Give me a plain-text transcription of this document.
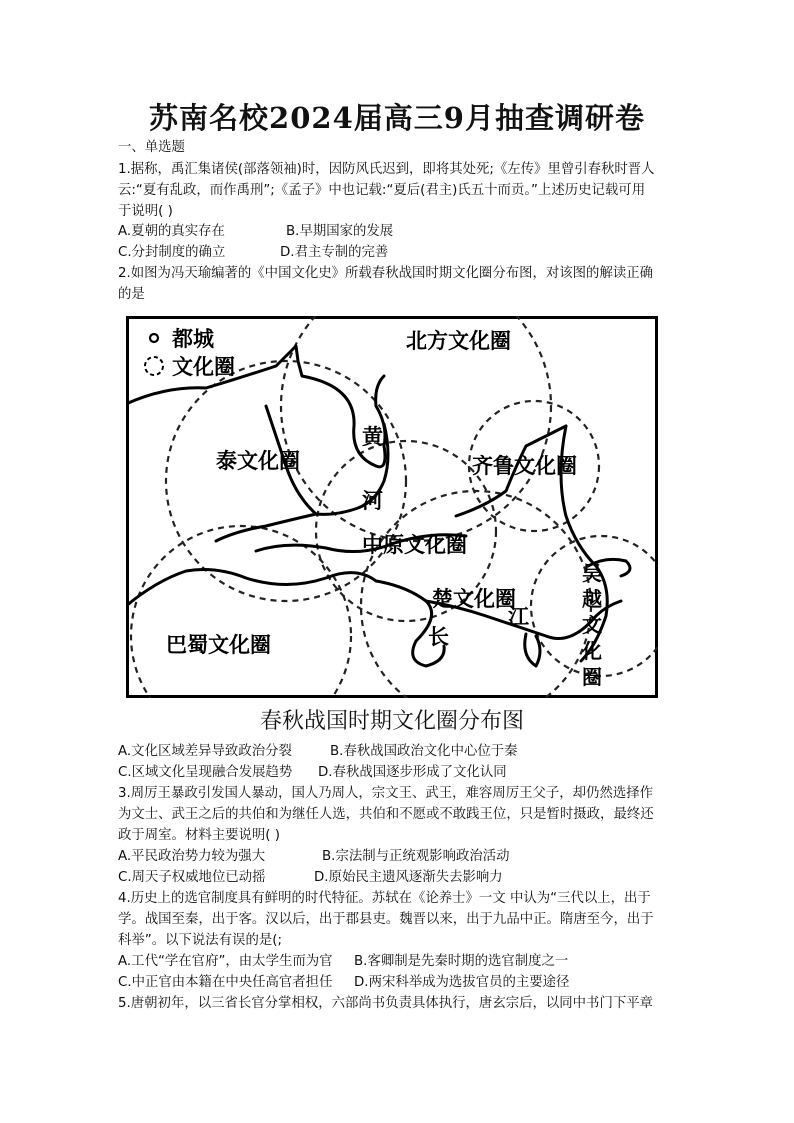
苏南名校2024届高三9月抽查调研卷
一、单选题
1.据称，禹汇集诸侯(部落领袖)时，因防风氏迟到，即将其处死;《左传》里曾引春秋时晋人
云:“夏有乱政，而作禹刑”;《孟子》中也记载:“夏后(君主)氏五十而贡。”上述历史记载可用
于说明( )
A.夏朝的真实存在	B.早期国家的发展
C.分封制度的确立	D.君主专制的完善
2.如图为冯天瑜编著的《中国文化史》所载春秋战国时期文化圈分布图，对该图的解读正确
的是
都城
文化圈
北方文化圈
泰文化圈	齐鲁文化圈
中原文化圈
楚文化圈
巴蜀文化圈
黄
河
长
江
吴
越
文
化
圈
春秋战国时期文化圈分布图
A.文化区域差异导致政治分裂	B.春秋战国政治文化中心位于秦
C.区域文化呈现融合发展趋势 D.春秋战国逐步形成了文化认同
3.周厉王暴政引发国人暴动，国人乃周人，宗文王、武王，难容周厉王父子，却仍然选择作
为文士、武王之后的共伯和为继任人选，共伯和不愿或不敢践王位，只是暂时摄政，最终还
政于周室。材料主要说明( )
A.平民政治势力较为强大	B.宗法制与正统观影响政治活动
C.周天子权威地位已动摇	D.原始民主遗风逐渐失去影响力
4.历史上的选官制度具有鲜明的时代特征。苏轼在《论养士》一文 中认为“三代以上，出于
学。战国至秦，出于客。汉以后，出于郡县吏。魏晋以来，出于九品中正。隋唐至今，出于
科举”。以下说法有误的是(;
A.工代“学在官府”，由太学生而为官 B.客卿制是先秦时期的选官制度之一
C.中正官由本籍在中央任高官者担任 D.两宋科举成为选拔官员的主要途径
5.唐朝初年，以三省长官分掌相权，六部尚书负责具体执行，唐玄宗后，以同中书门下平章
